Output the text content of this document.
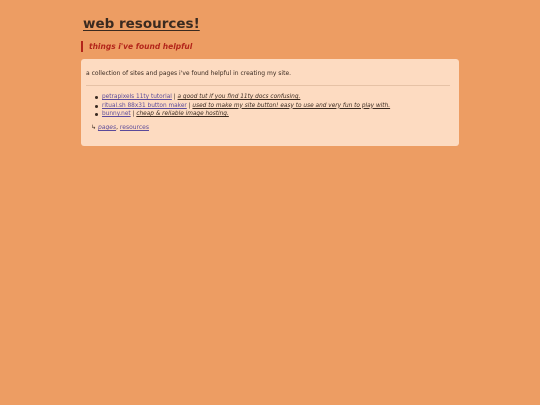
web resources!
things i've found helpful
a collection of sites and pages i've found helpful in creating my site.
petrapixels 11ty tutorial | a good tut if you find 11ty docs confusing.
ritual.sh 88x31 button maker | used to make my site button! easy to use and very fun to play with.
bunny.net | cheap & reliable image hosting.
↳ pages, resources
